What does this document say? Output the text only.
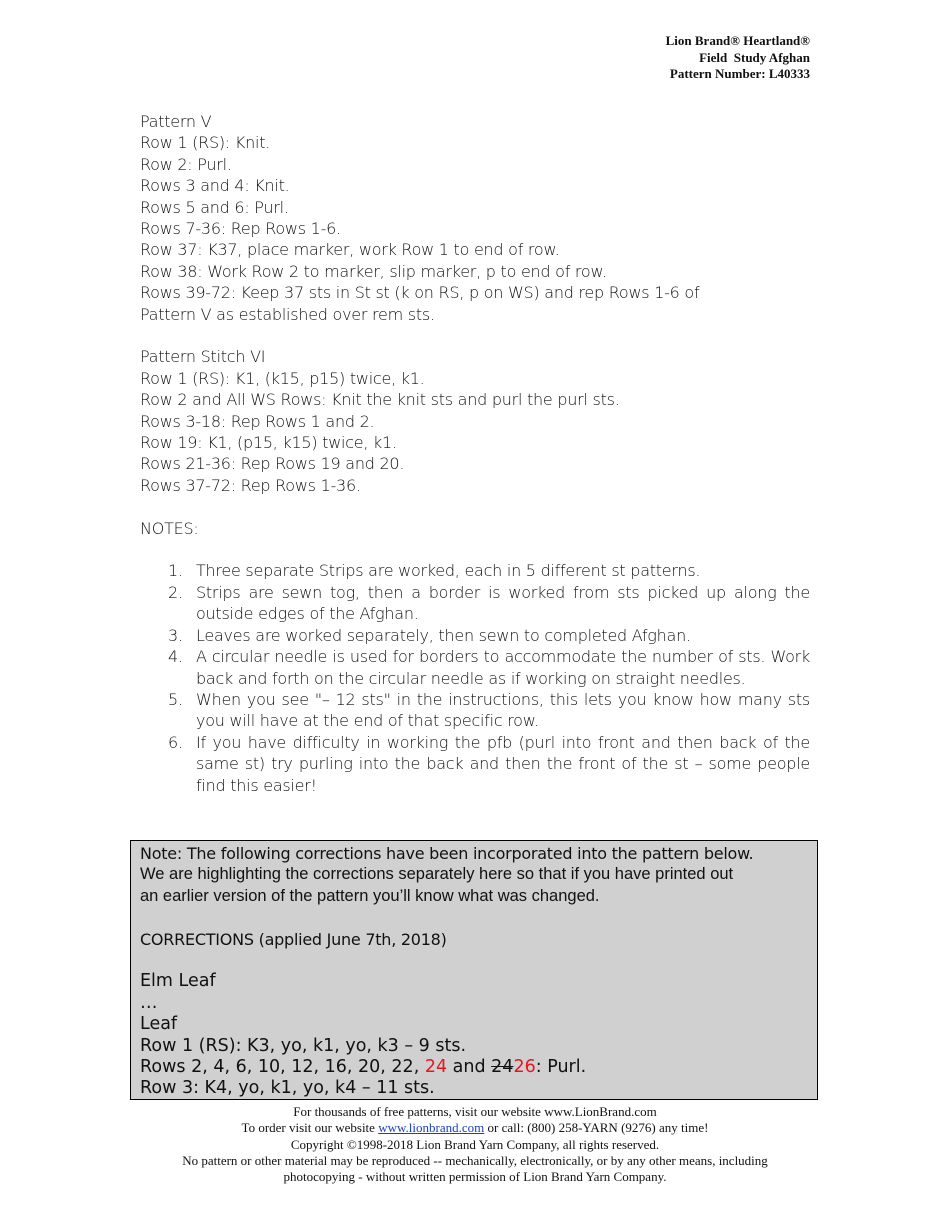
Lion Brand® Heartland®
Field  Study Afghan
Pattern Number: L40333
Pattern V
Row 1 (RS): Knit.
Row 2: Purl.
Rows 3 and 4: Knit.
Rows 5 and 6: Purl.
Rows 7-36: Rep Rows 1-6.
Row 37: K37, place marker, work Row 1 to end of row.
Row 38: Work Row 2 to marker, slip marker, p to end of row.
Rows 39-72: Keep 37 sts in St st (k on RS, p on WS) and rep Rows 1-6 of
Pattern V as established over rem sts.
Pattern Stitch VI
Row 1 (RS): K1, (k15, p15) twice, k1.
Row 2 and All WS Rows: Knit the knit sts and purl the purl sts.
Rows 3-18: Rep Rows 1 and 2.
Row 19: K1, (p15, k15) twice, k1.
Rows 21-36: Rep Rows 19 and 20.
Rows 37-72: Rep Rows 1-36.
NOTES:
1. Three separate Strips are worked, each in 5 different st patterns.
2. Strips are sewn tog, then a border is worked from sts picked up along the outside edges of the Afghan.
3. Leaves are worked separately, then sewn to completed Afghan.
4. A circular needle is used for borders to accommodate the number of sts. Work back and forth on the circular needle as if working on straight needles.
5. When you see "– 12 sts" in the instructions, this lets you know how many sts you will have at the end of that specific row.
6. If you have difficulty in working the pfb (purl into front and then back of the same st) try purling into the back and then the front of the st – some people find this easier!
Note: The following corrections have been incorporated into the pattern below.
We are highlighting the corrections separately here so that if you have printed out
an earlier version of the pattern you’ll know what was changed.
CORRECTIONS (applied June 7th, 2018)
Elm Leaf
…
Leaf
Row 1 (RS): K3, yo, k1, yo, k3 – 9 sts.
Rows 2, 4, 6, 10, 12, 16, 20, 22, 24 and 2426: Purl.
Row 3: K4, yo, k1, yo, k4 – 11 sts.
For thousands of free patterns, visit our website www.LionBrand.com
To order visit our website www.lionbrand.com or call: (800) 258-YARN (9276) any time!
Copyright ©1998-2018 Lion Brand Yarn Company, all rights reserved.
No pattern or other material may be reproduced -- mechanically, electronically, or by any other means, including
photocopying - without written permission of Lion Brand Yarn Company.
